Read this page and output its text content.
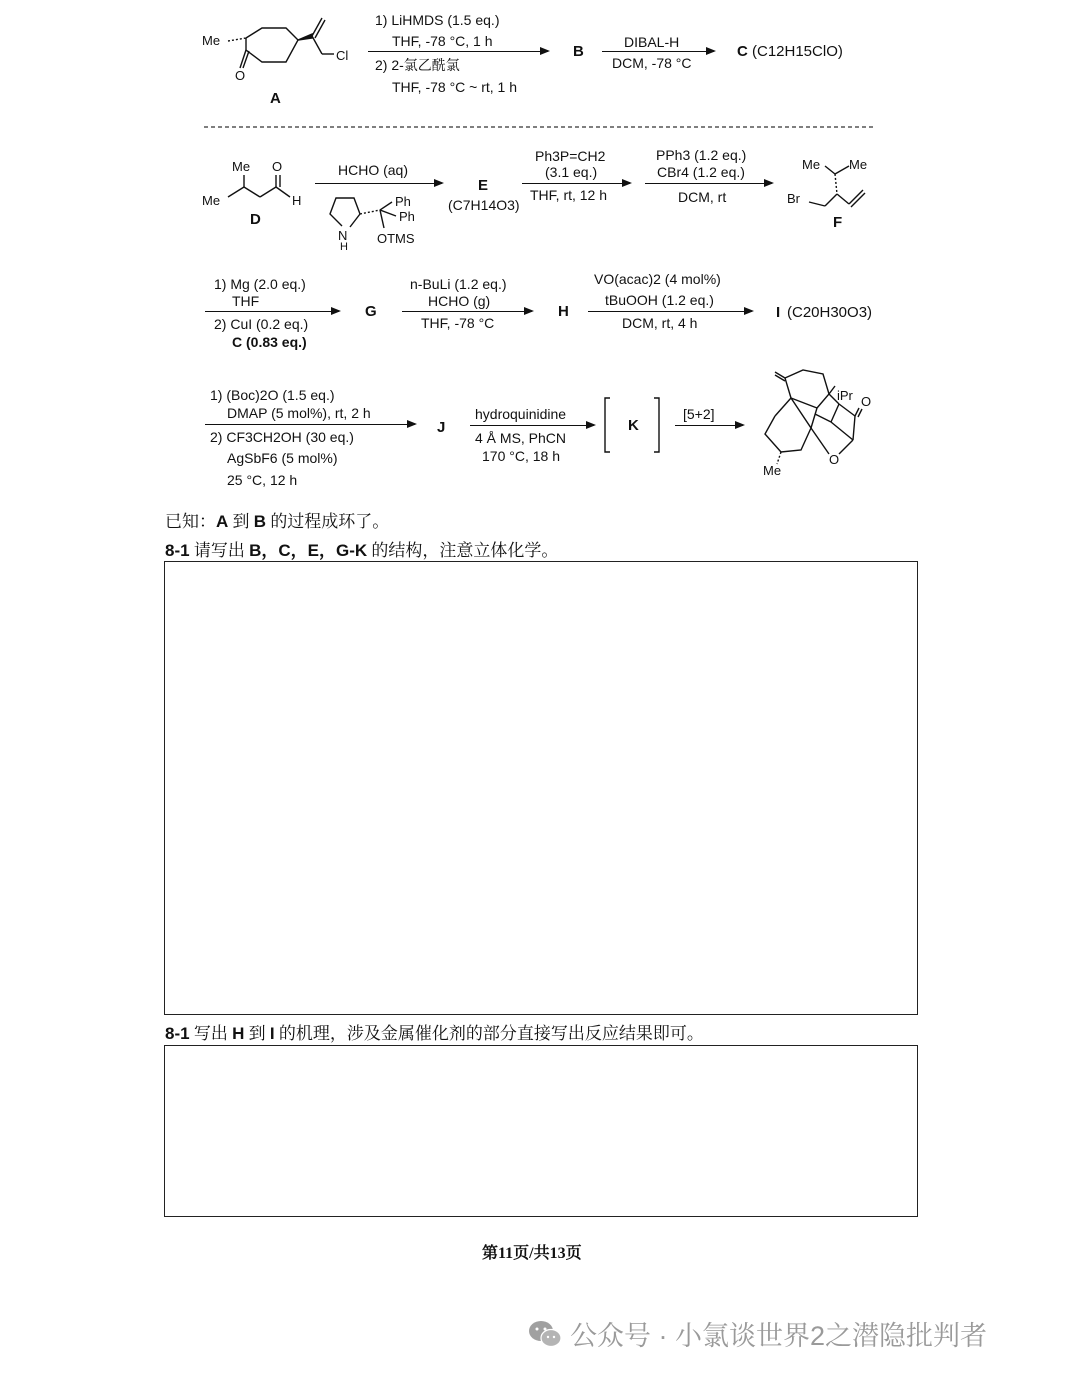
Me
O
Cl
A
1) LiHMDS (1.5 eq.)
THF, -78 °C, 1 h
2) 2-氯乙酰氯
THF, -78 °C ~ rt, 1 h
B
DIBAL-H
DCM, -78 °C
C (C12H15ClO)
Me O
Me	H
D
HCHO (aq)
N
H
Ph
Ph
OTMS
E
(C7H14O3)
Ph3P=CH2
(3.1 eq.)
THF, rt, 12 h
PPh3 (1.2 eq.)
CBr4 (1.2 eq.)
DCM, rt
Me Me
Br
F
1) Mg (2.0 eq.)
THF
2) CuI (0.2 eq.)
C (0.83 eq.)
G
n-BuLi (1.2 eq.)
HCHO (g)
THF, -78 °C
H
VO(acac)2 (4 mol%)
tBuOOH (1.2 eq.)
DCM, rt, 4 h
I (C20H30O3)
1) (Boc)2O (1.5 eq.)
DMAP (5 mol%), rt, 2 h
2) CF3CH2OH (30 eq.)
AgSbF6 (5 mol%)
25 °C, 12 h
J
hydroquinidine
4 Å MS, PhCN
170 °C, 18 h
K
[5+2]
O
O
iPr
Me
已知：A 到 B 的过程成环了。
8-1 请写出 B，C，E，G-K 的结构，注意立体化学。
8-1 写出 H 到 I 的机理，涉及金属催化剂的部分直接写出反应结果即可。
第11页/共13页
公众号 · 小氯谈世界2之潜隐批判者
